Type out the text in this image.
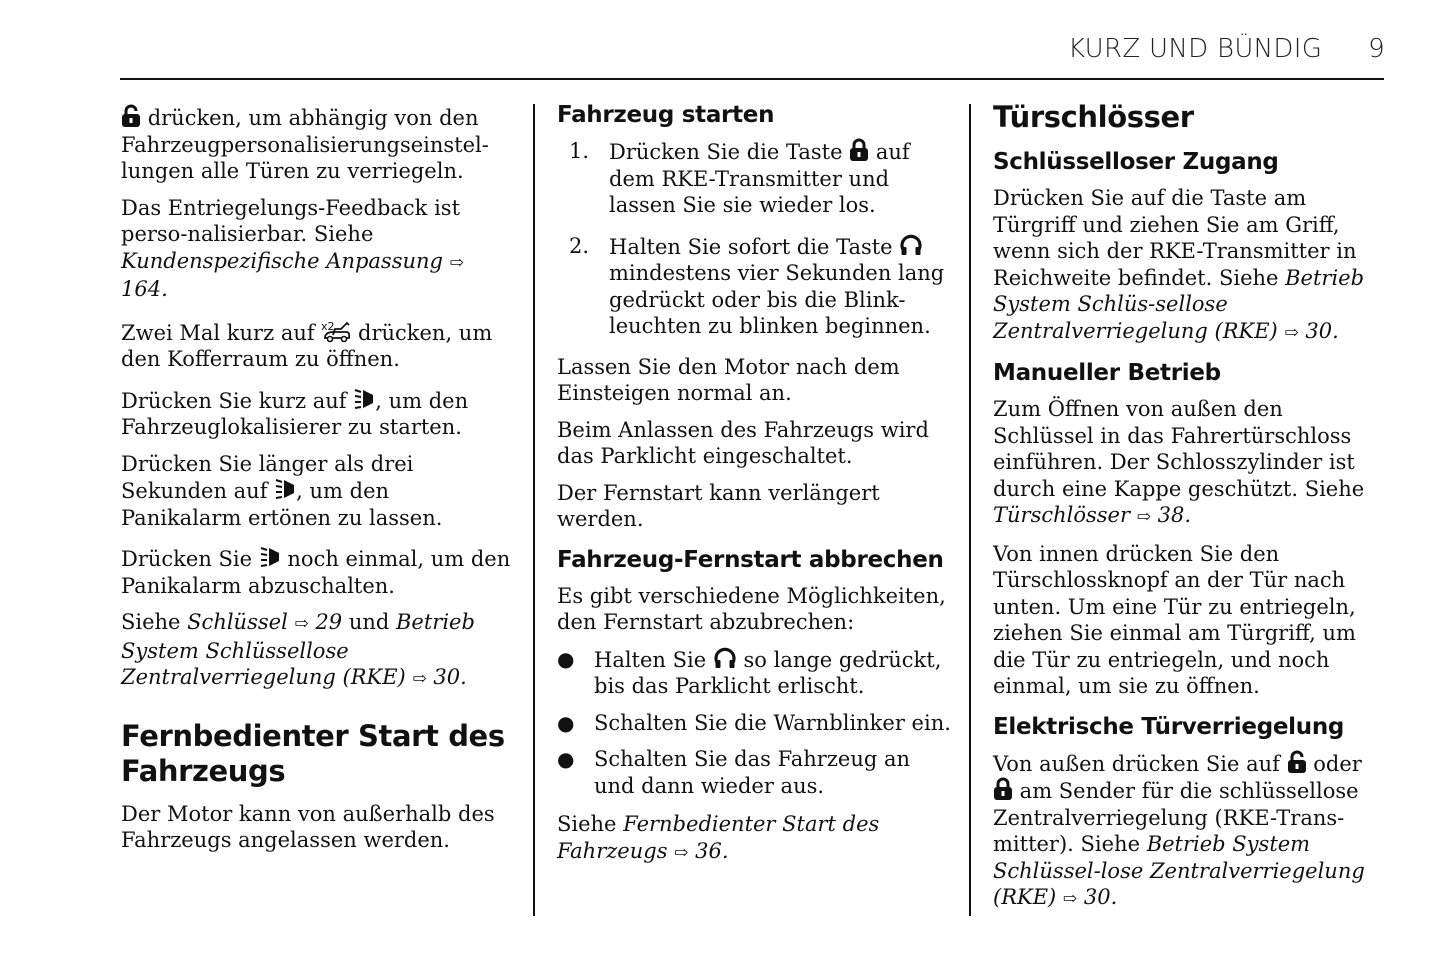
KURZ UND BÜNDIG 9

drücken, um abhängig von den Fahrzeugpersonalisierungseinstel-lungen alle Türen zu verriegeln.

Das Entriegelungs-Feedback ist perso-nalisierbar. Siehe Kundenspezifische Anpassung ⇨ 164.

Zwei Mal kurz auf  drücken, um den Kofferraum zu öffnen.

Drücken Sie kurz auf , um den Fahrzeuglokalisierer zu starten.

Drücken Sie länger als drei Sekunden auf , um den Panikalarm ertönen zu lassen.

Drücken Sie  noch einmal, um den Panikalarm abzuschalten.

Siehe Schlüssel ⇨ 29 und Betrieb System Schlüssellose Zentralverriegelung (RKE) ⇨ 30.

Fernbedienter Start des Fahrzeugs

Der Motor kann von außerhalb des Fahrzeugs angelassen werden.

Fahrzeug starten
1. Drücken Sie die Taste  auf dem RKE-Transmitter und lassen Sie sie wieder los.
2. Halten Sie sofort die Taste  mindestens vier Sekunden lang gedrückt oder bis die Blink-leuchten zu blinken beginnen.

Lassen Sie den Motor nach dem Einsteigen normal an.

Beim Anlassen des Fahrzeugs wird das Parklicht eingeschaltet.

Der Fernstart kann verlängert werden.

Fahrzeug-Fernstart abbrechen

Es gibt verschiedene Möglichkeiten, den Fernstart abzubrechen:

● Halten Sie  so lange gedrückt, bis das Parklicht erlischt.
● Schalten Sie die Warnblinker ein.
● Schalten Sie das Fahrzeug an und dann wieder aus.

Siehe Fernbedienter Start des Fahrzeugs ⇨ 36.

Türschlösser
Schlüsselloser Zugang

Drücken Sie auf die Taste am Türgriff und ziehen Sie am Griff, wenn sich der RKE-Transmitter in Reichweite befindet. Siehe Betrieb System Schlüs-sellose Zentralverriegelung (RKE) ⇨ 30.

Manueller Betrieb

Zum Öffnen von außen den Schlüssel in das Fahrertürschloss einführen. Der Schlosszylinder ist durch eine Kappe geschützt. Siehe Türschlösser ⇨ 38.

Von innen drücken Sie den Türschlossknopf an der Tür nach unten. Um eine Tür zu entriegeln, ziehen Sie einmal am Türgriff, um die Tür zu entriegeln, und noch einmal, um sie zu öffnen.

Elektrische Türverriegelung

Von außen drücken Sie auf  oder  am Sender für die schlüssellose Zentralverriegelung (RKE-Trans-mitter). Siehe Betrieb System Schlüssel-lose Zentralverriegelung (RKE) ⇨ 30.
